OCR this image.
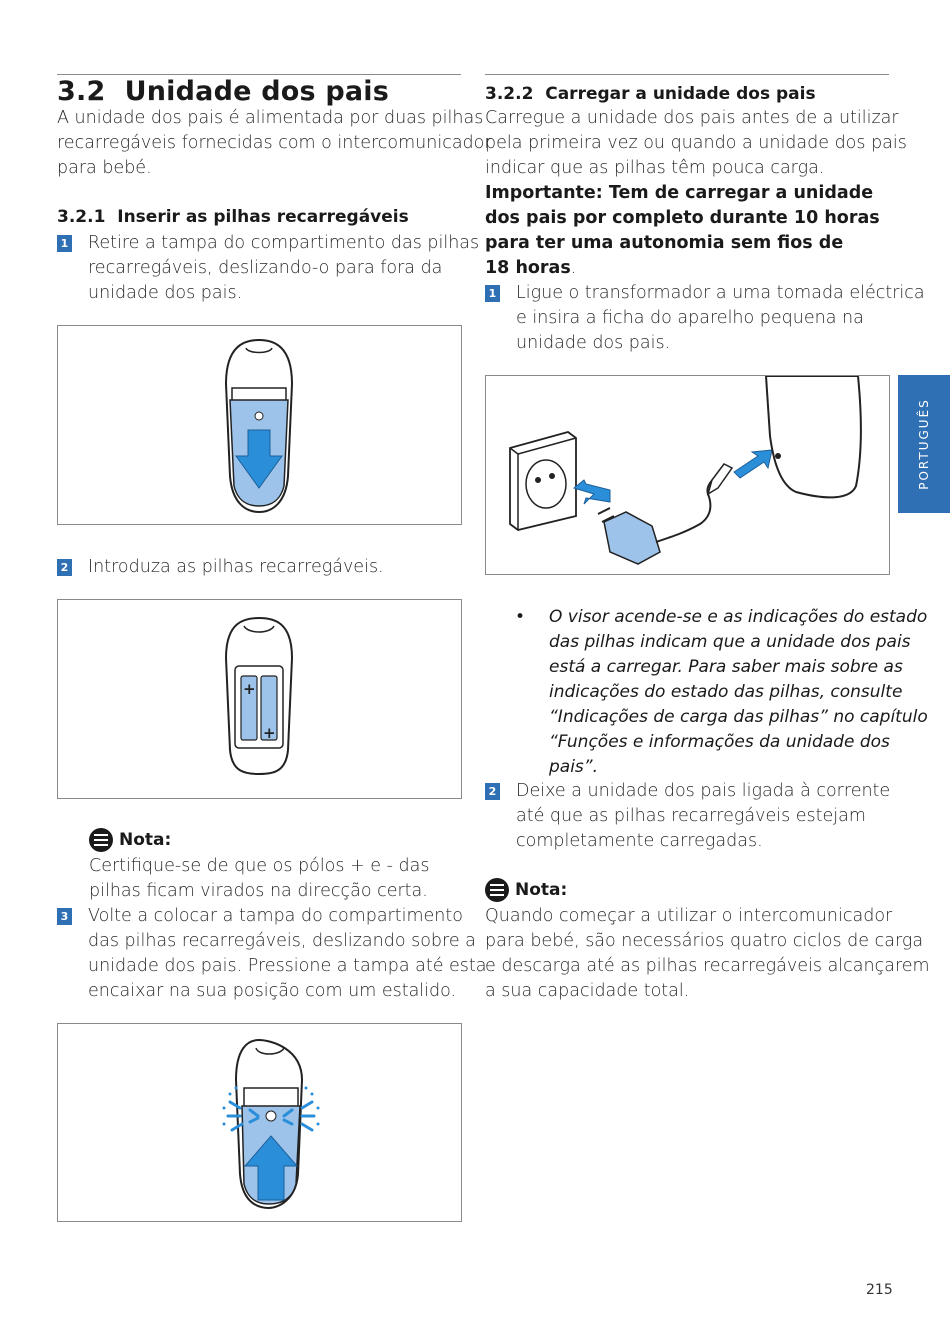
3.2  Unidade dos pais
A unidade dos pais é alimentada por duas pilhas
recarregáveis fornecidas com o intercomunicador
para bebé.
3.2.1  Inserir as pilhas recarregáveis
1 Retire a tampa do compartimento das pilhas
recarregáveis, deslizando-o para fora da
unidade dos pais.
2 Introduza as pilhas recarregáveis.
+
+
Nota:
Certifique-se de que os pólos + e - das
pilhas ficam virados na direcção certa.
3 Volte a colocar a tampa do compartimento
das pilhas recarregáveis, deslizando sobre a
unidade dos pais. Pressione a tampa até esta
encaixar na sua posição com um estalido.
3.2.2  Carregar a unidade dos pais
Carregue a unidade dos pais antes de a utilizar
pela primeira vez ou quando a unidade dos pais
indicar que as pilhas têm pouca carga.
Importante: Tem de carregar a unidade
dos pais por completo durante 10 horas
para ter uma autonomia sem fios de
18 horas.
1 Ligue o transformador a uma tomada eléctrica
e insira a ficha do aparelho pequena na
unidade dos pais.
• O visor acende-se e as indicações do estado
das pilhas indicam que a unidade dos pais
está a carregar. Para saber mais sobre as
indicações do estado das pilhas, consulte
“Indicações de carga das pilhas” no capítulo
“Funções e informações da unidade dos
pais”.
2 Deixe a unidade dos pais ligada à corrente
até que as pilhas recarregáveis estejam
completamente carregadas.
Nota:
Quando começar a utilizar o intercomunicador
para bebé, são necessários quatro ciclos de carga
e descarga até as pilhas recarregáveis alcançarem
a sua capacidade total.
PORTUGUÊS
215
